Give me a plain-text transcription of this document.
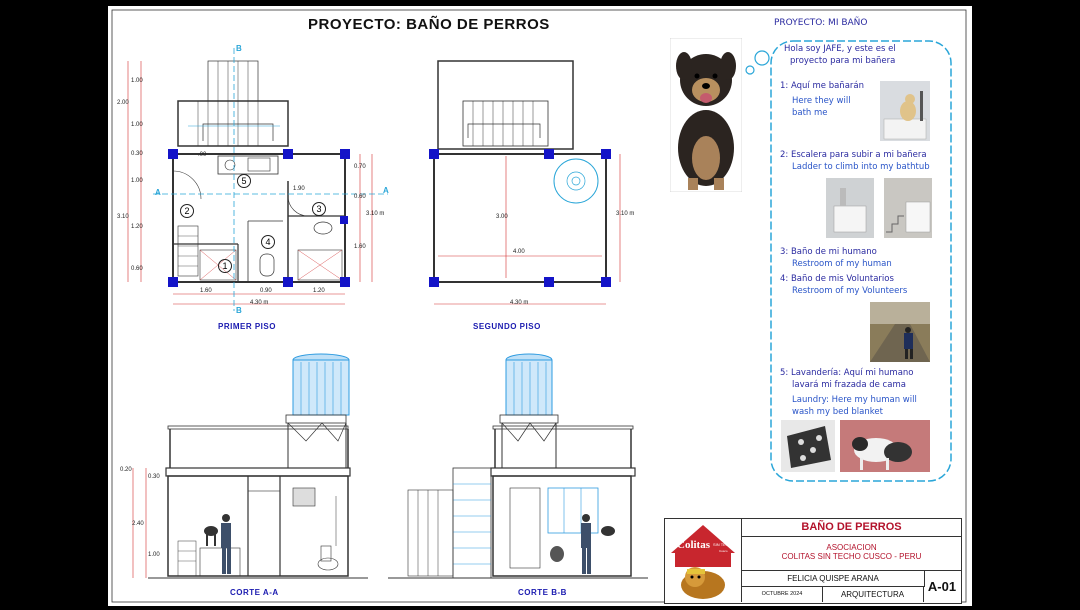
PROYECTO: BAÑO DE PERROS
5
2	3
4
1
B
B
A	A
1.00
1.00
0.30
1.00
1.20
0.60
2.00
3.10
1.60	0.90	1.20
4.30 m
0.70
0.60
1.60
3.10 m
.00
1.90
3.00
4.00
4.30 m
3.10 m
0.20
0.30
2.40
1.00
PRIMER PISO	SEGUNDO PISO
CORTE A-A	CORTE B-B
PROYECTO: MI BAÑO
Hola soy JAFE, y este es el
proyecto para mi bañera
1: Aquí me bañarán
Here they will
bath me
2: Escalera para subir a mi bañera
Ladder to climb into my bathtub
3: Baño de mi humano
Restroom of my human
4: Baño de mis Voluntarios
Restroom of my Volunteers
5: Lavandería: Aquí mi humano
lavará mi frazada de cama
Laundry: Here my human will
wash my bed blanket
Colitas SIN TECHO
Cusco
BAÑO DE PERROS
ASOCIACION
COLITAS SIN TECHO CUSCO - PERU
FELICIA QUISPE ARANA
OCTUBRE 2024	ARQUITECTURA
A-01
